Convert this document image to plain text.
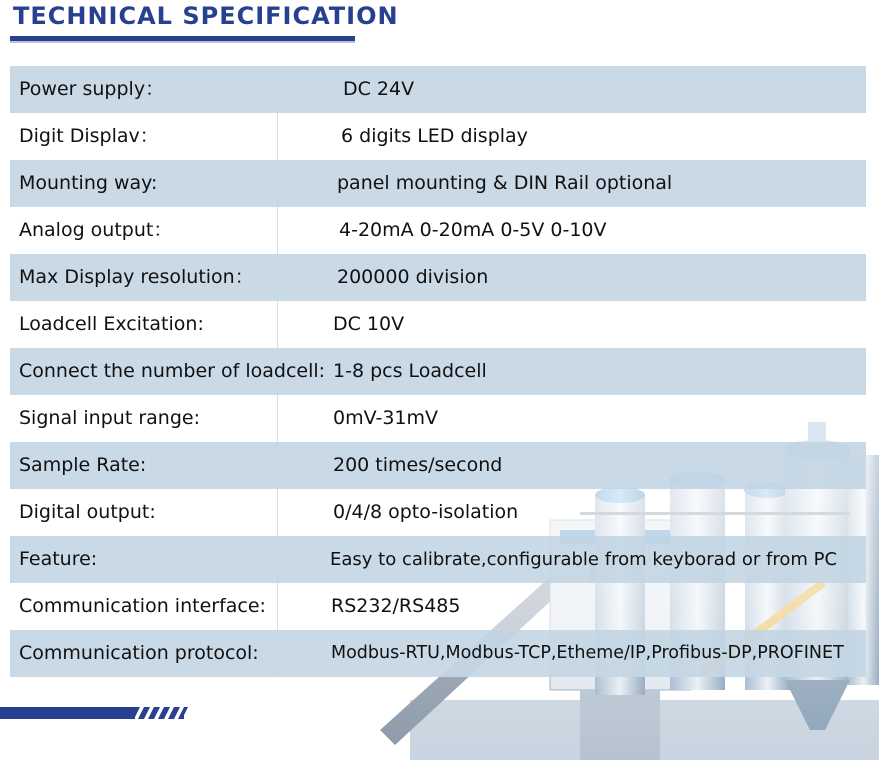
TECHNICAL SPECIFICATION
Power supply：	DC 24V
Digit Displav：	6 digits LED display
Mounting way:	panel mounting & DIN Rail optional
Analog output：	4-20mA 0-20mA 0-5V 0-10V
Max Display resolution：	200000 division
Loadcell Excitation:	DC 10V
Connect the number of loadcell: 1-8 pcs Loadcell
Signal input range:	0mV-31mV
Sample Rate:	200 times/second
Digital output:	0/4/8 opto-isolation
Feature:	Easy to calibrate,configurable from keyborad or from PC
Communication interface:	RS232/RS485
Communication protocol:	Modbus-RTU,Modbus-TCP,Etheme/IP,Profibus-DP,PROFINET
